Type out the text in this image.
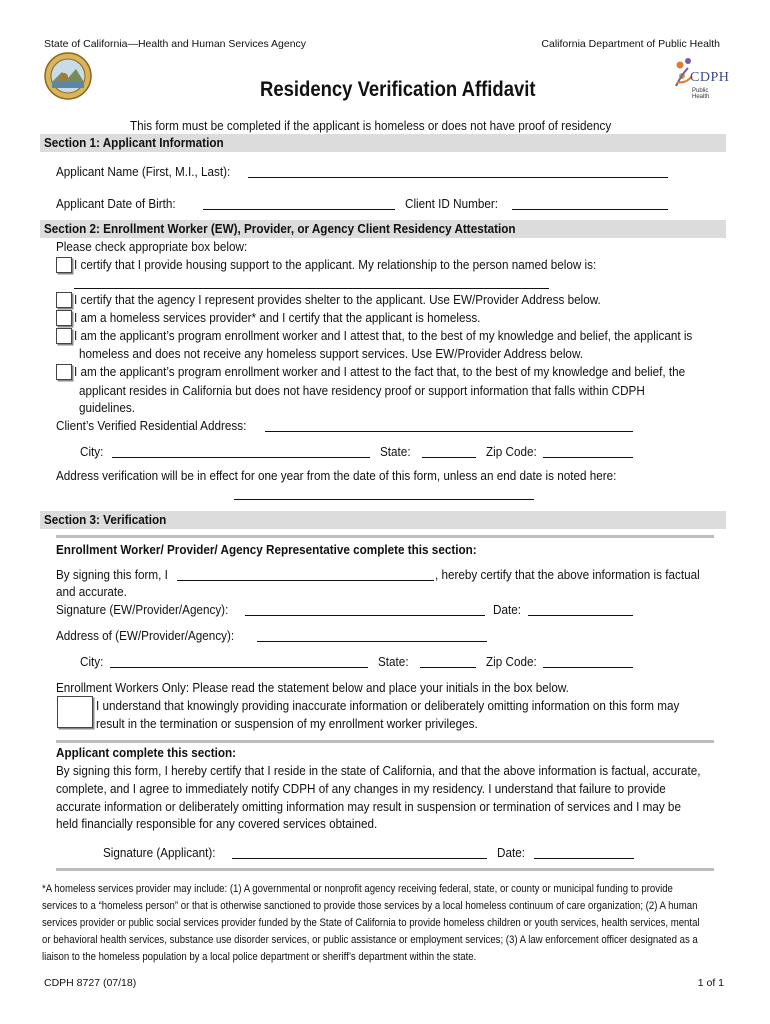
State of California—Health and Human Services Agency	California Department of Public Health
CDPH
Public Health
Residency Verification Affidavit
This form must be completed if the applicant is homeless or does not have proof of residency
Section 1: Applicant Information
Applicant Name (First, M.I., Last):
Applicant Date of Birth:	Client ID Number:
Section 2: Enrollment Worker (EW), Provider, or Agency Client Residency Attestation
Please check appropriate box below:
I certify that I provide housing support to the applicant. My relationship to the person named below is:
I certify that the agency I represent provides shelter to the applicant. Use EW/Provider Address below.
I am a homeless services provider* and I certify that the applicant is homeless.
I am the applicant’s program enrollment worker and I attest that, to the best of my knowledge and belief, the applicant is
homeless and does not receive any homeless support services. Use EW/Provider Address below.
I am the applicant’s program enrollment worker and I attest to the fact that, to the best of my knowledge and belief, the
applicant resides in California but does not have residency proof or support information that falls within CDPH
guidelines.
Client’s Verified Residential Address:
City:	State:	Zip Code:
Address verification will be in effect for one year from the date of this form, unless an end date is noted here:
Section 3: Verification
Enrollment Worker/ Provider/ Agency Representative complete this section:
By signing this form, I	, hereby certify that the above information is factual
and accurate.
Signature (EW/Provider/Agency):	Date:
Address of (EW/Provider/Agency):
City:	State:	Zip Code:
Enrollment Workers Only: Please read the statement below and place your initials in the box below.
I understand that knowingly providing inaccurate information or deliberately omitting information on this form may
result in the termination or suspension of my enrollment worker privileges.
Applicant complete this section:
By signing this form, I hereby certify that I reside in the state of California, and that the above information is factual, accurate,
complete, and I agree to immediately notify CDPH of any changes in my residency. I understand that failure to provide
accurate information or deliberately omitting information may result in suspension or termination of services and I may be
held financially responsible for any covered services obtained.
Signature (Applicant):	Date:
*A homeless services provider may include: (1) A governmental or nonprofit agency receiving federal, state, or county or municipal funding to provide
services to a “homeless person” or that is otherwise sanctioned to provide those services by a local homeless continuum of care organization; (2) A human
services provider or public social services provider funded by the State of California to provide homeless children or youth services, health services, mental
or behavioral health services, substance use disorder services, or public assistance or employment services; (3) A law enforcement officer designated as a
liaison to the homeless population by a local police department or sheriff’s department within the state.
CDPH 8727 (07/18)	1 of 1
